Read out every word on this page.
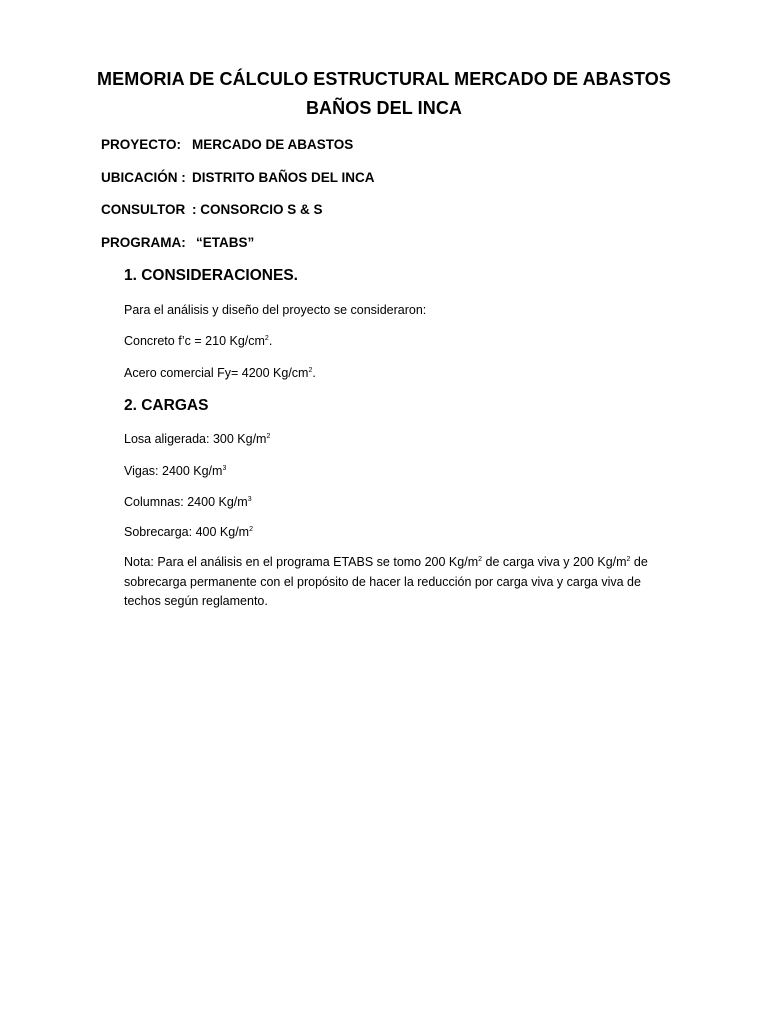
MEMORIA DE CÁLCULO ESTRUCTURAL MERCADO DE ABASTOS
BAÑOS DEL INCA
PROYECTO: MERCADO DE ABASTOS
UBICACIÓN : DISTRITO BAÑOS DEL INCA
CONSULTOR : CONSORCIO S & S
PROGRAMA: “ETABS”
1. CONSIDERACIONES.
Para el análisis y diseño del proyecto se consideraron:
Concreto f’c = 210 $Kg/cm^2$.
Acero comercial Fy= 4200 $Kg/cm^2$.
2. CARGAS
Losa aligerada: 300 $Kg/m^2$
Vigas: 2400 $Kg/m^3$
Columnas: 2400 $Kg/m^3$
Sobrecarga: 400 $Kg/m^2$
Nota: Para el análisis en el programa ETABS se tomo 200 $Kg/m^2$ de carga viva y 200 $Kg/m^2$ de
sobrecarga permanente con el propósito de hacer la reducción por carga viva y carga viva de
techos según reglamento.
